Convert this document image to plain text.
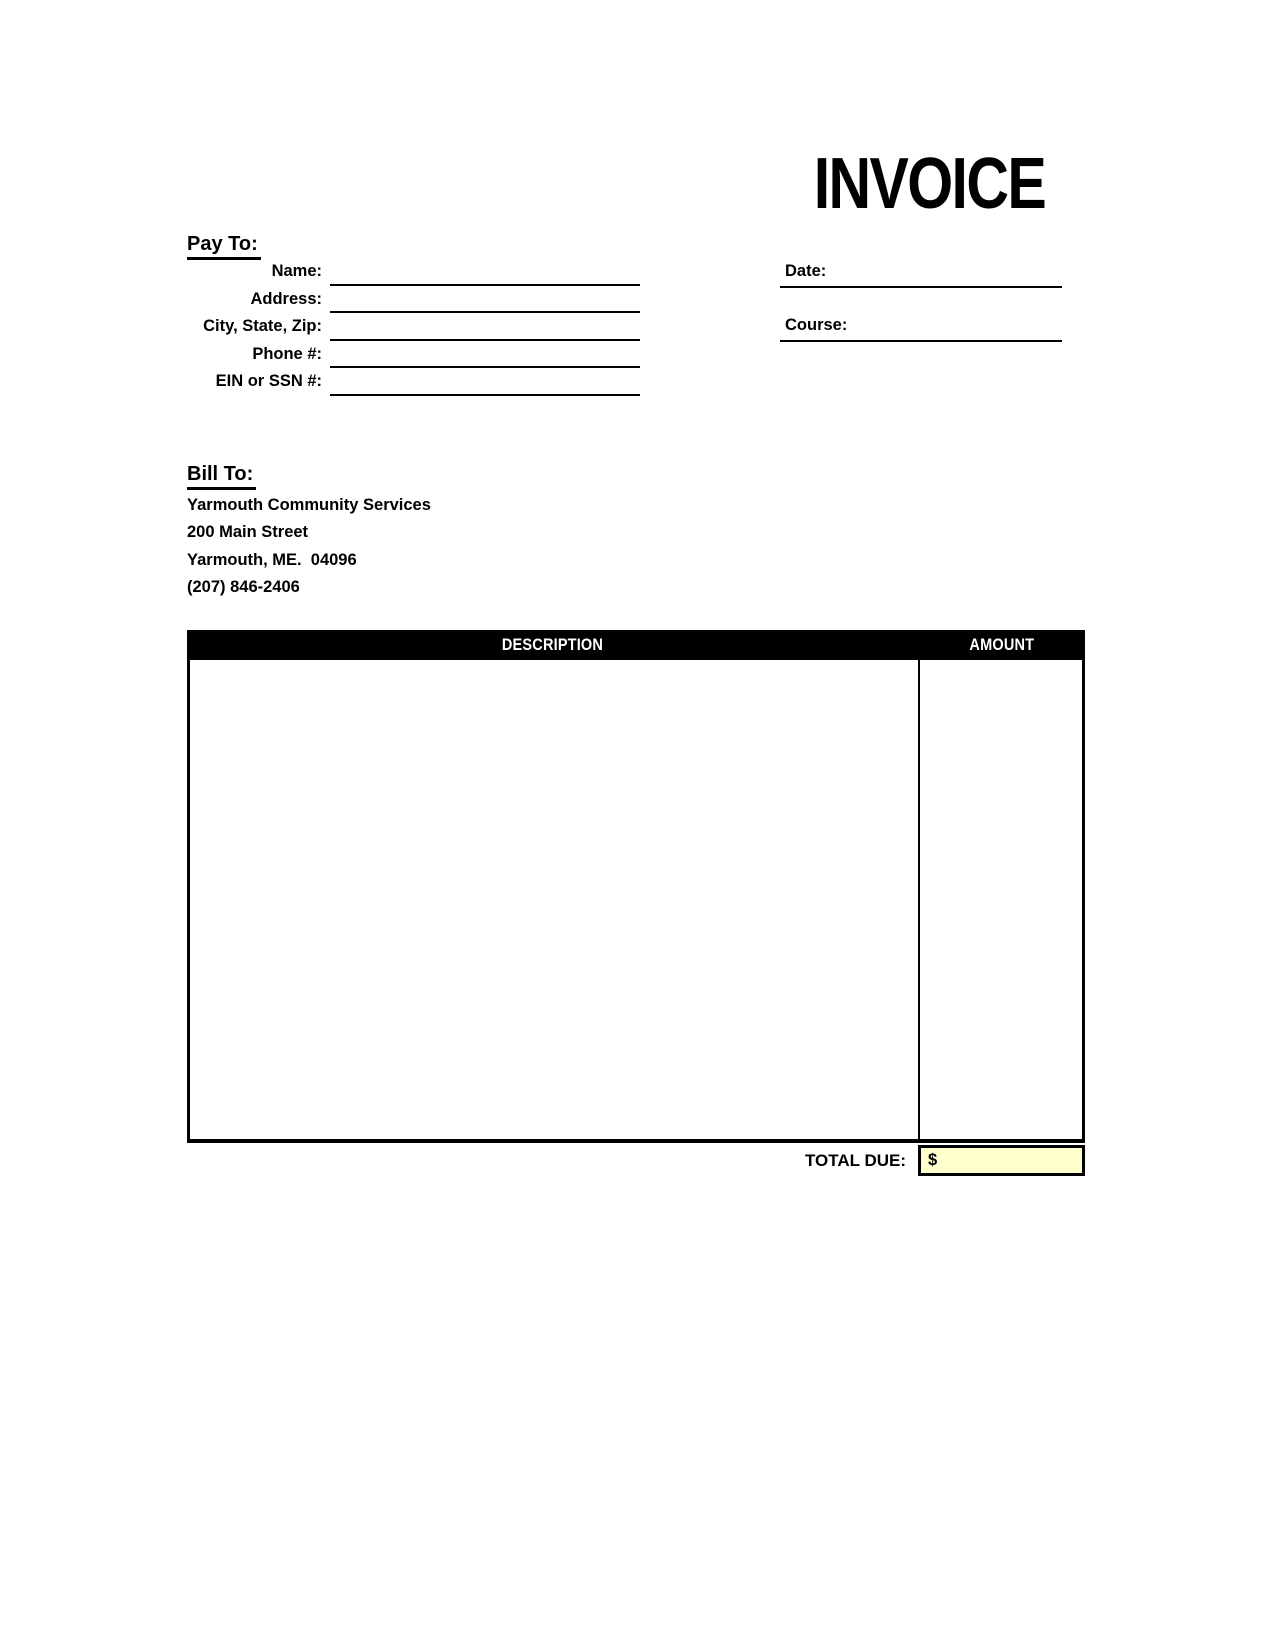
INVOICE
Pay To:
Name:
Address:
City, State, Zip:
Phone #:
EIN or SSN #:
Date:
Course:
Bill To:
Yarmouth Community Services
200 Main Street
Yarmouth, ME.  04096
(207) 846-2406
DESCRIPTION	AMOUNT
TOTAL DUE: $
